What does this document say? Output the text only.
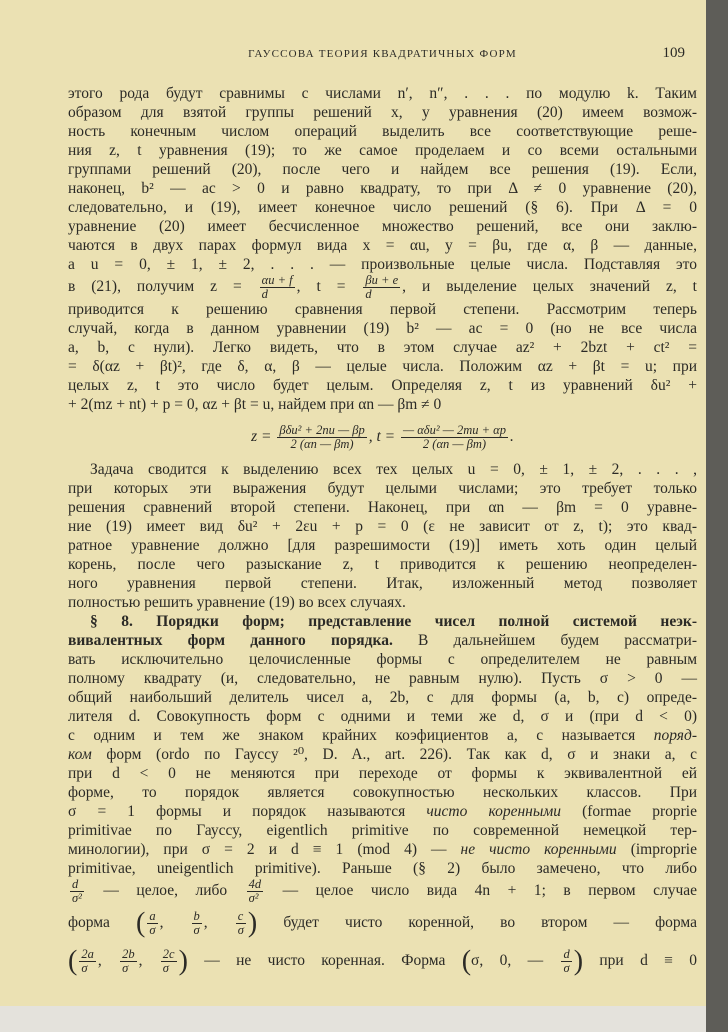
ГАУССОВА ТЕОРИЯ КВАДРАТИЧНЫХ ФОРМ	109
этого рода будут сравнимы с числами n′, n″, . . . по модулю k. Таким
образом для взятой группы решений x, y уравнения (20) имеем возмож-
ность конечным числом операций выделить все соответствующие реше-
ния z, t уравнения (19); то же самое проделаем и со всеми остальными
группами решений (20), после чего и найдем все решения (19). Если,
наконец, b² — ac > 0 и равно квадрату, то при Δ ≠ 0 уравнение (20),
следовательно, и (19), имеет конечное число решений (§ 6). При Δ = 0
уравнение (20) имеет бесчисленное множество решений, все они заклю-
чаются в двух парах формул вида x = αu, y = βu, где α, β — данные,
а u = 0, ± 1, ± 2, . . . — произвольные целые числа. Подставляя это
в (21), получим $z = \frac{\alpha u + f}{d}$ , $t = \frac{\beta u + e}{d}$ , и выделение целых значений z, t
приводится к решению сравнения первой степени. Рассмотрим теперь
случай, когда в данном уравнении (19) b² — ac = 0 (но не все числа
a, b, c нули). Легко видеть, что в этом случае az² + 2bzt + ct² =
= δ(αz + βt)², где δ, α, β — целые числа. Положим αz + βt = u; при
целых z, t это число будет целым. Определяя z, t из уравнений δu² +
+ 2(mz + nt) + p = 0, αz + βt = u, найдем при αn — βm ≠ 0
$z = \frac{\text{βδu² + 2nu — βp}}{2 (\alpha n — \beta m)}$ , $t = \frac{\text{— αδu² — 2mu + αp}}{2 (\alpha n — \beta m)}$ .
Задача сводится к выделению всех тех целых u = 0, ± 1, ± 2, . . . ,
при которых эти выражения будут целыми числами; это требует только
решения сравнений второй степени. Наконец, при αn — βm = 0 уравне-
ние (19) имеет вид δu² + 2εu + p = 0 (ε не зависит от z, t); это квад-
ратное уравнение должно [для разрешимости (19)] иметь хоть один целый
корень, после чего разыскание z, t приводится к решению неопределен-
ного уравнения первой степени. Итак, изложенный метод позволяет
полностью решить уравнение (19) во всех случаях.
§ 8. Порядки форм; представление чисел полной системой неэк-
вивалентных форм данного порядка. В дальнейшем будем рассматри-
вать исключительно целочисленные формы с определителем не равным
полному квадрату (и, следовательно, не равным нулю). Пусть σ > 0 —
общий наибольший делитель чисел a, 2b, c для формы (a, b, c) опреде-
лителя d. Совокупность форм с одними и теми же d, σ и (при d < 0)
с одним и тем же знаком крайних коэфициентов a, c называется поряд-
ком форм (ordo по Гауссу ²⁰, D. A., art. 226). Так как d, σ и знаки a, c
при d < 0 не меняются при переходе от формы к эквивалентной ей
форме, то порядок является совокупностью нескольких классов. При
σ = 1 формы и порядок называются чисто коренными (formae proprie
primitivae по Гауссу, eigentlich primitive по современной немецкой тер-
минологии), при σ = 2 и d ≡ 1 (mod 4) — не чисто коренными (improprie
primitivae, uneigentlich primitive). Раньше (§ 2) было замечено, что либо
$\frac{d}{\text{σ²}}$ — целое, либо $\frac{4d}{\text{σ²}}$ — целое число вида 4n + 1; в первом случае
форма ( $\frac{a}{\sigma}$ , $\frac{b}{\sigma}$ , $\frac{c}{\sigma}$ ) будет чисто коренной, во втором — форма
( $\frac{2a}{\sigma}$ , $\frac{2b}{\sigma}$ , $\frac{2c}{\sigma}$ ) — не чисто коренная. Форма (σ, 0, — $\frac{d}{\sigma}$ ) при d ≡ 0
